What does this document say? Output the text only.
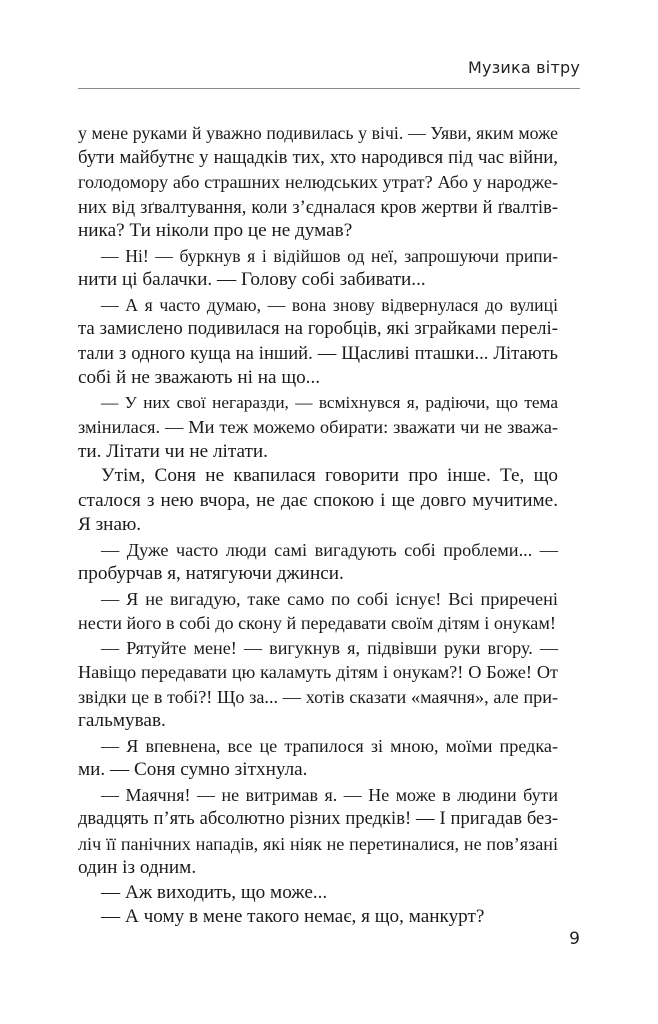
Музика вітру
у мене руками й уважно подивилась у вічі. — Уяви, яким може
бути майбутнє у нащадків тих, хто народився під час війни,
голодомору або страшних нелюдських утрат? Або у народже-
них від зґвалтування, коли з’єдналася кров жертви й ґвалтів-
ника? Ти ніколи про це не думав?
— Ні! — буркнув я і відійшов од неї, запрошуючи припи-
нити ці балачки. — Голову собі забивати...
— А я часто думаю, — вона знову відвернулася до вулиці
та замислено подивилася на горобців, які зграйками перелі-
тали з одного куща на інший. — Щасливі пташки... Літають
собі й не зважають ні на що...
— У них свої негаразди, — всміхнувся я, радіючи, що тема
змінилася. — Ми теж можемо обирати: зважати чи не зважа-
ти. Літати чи не літати.
Утім, Соня не квапилася говорити про інше. Те, що
сталося з нею вчора, не дає спокою і ще довго мучитиме.
Я знаю.
— Дуже часто люди самі вигадують собі проблеми... —
пробурчав я, натягуючи джинси.
— Я не вигадую, таке само по собі існує! Всі приречені
нести його в собі до скону й передавати своїм дітям і онукам!
— Рятуйте мене! — вигукнув я, підвівши руки вгору. —
Навіщо передавати цю каламуть дітям і онукам?! О Боже! От
звідки це в тобі?! Що за... — хотів сказати «маячня», але при-
гальмував.
— Я впевнена, все це трапилося зі мною, моїми предка-
ми. — Соня сумно зітхнула.
— Маячня! — не витримав я. — Не може в людини бути
двадцять п’ять абсолютно різних предків! — І пригадав без-
ліч її панічних нападів, які ніяк не перетиналися, не пов’язані
один із одним.
— Аж виходить, що може...
— А чому в мене такого немає, я що, манкурт?
9
